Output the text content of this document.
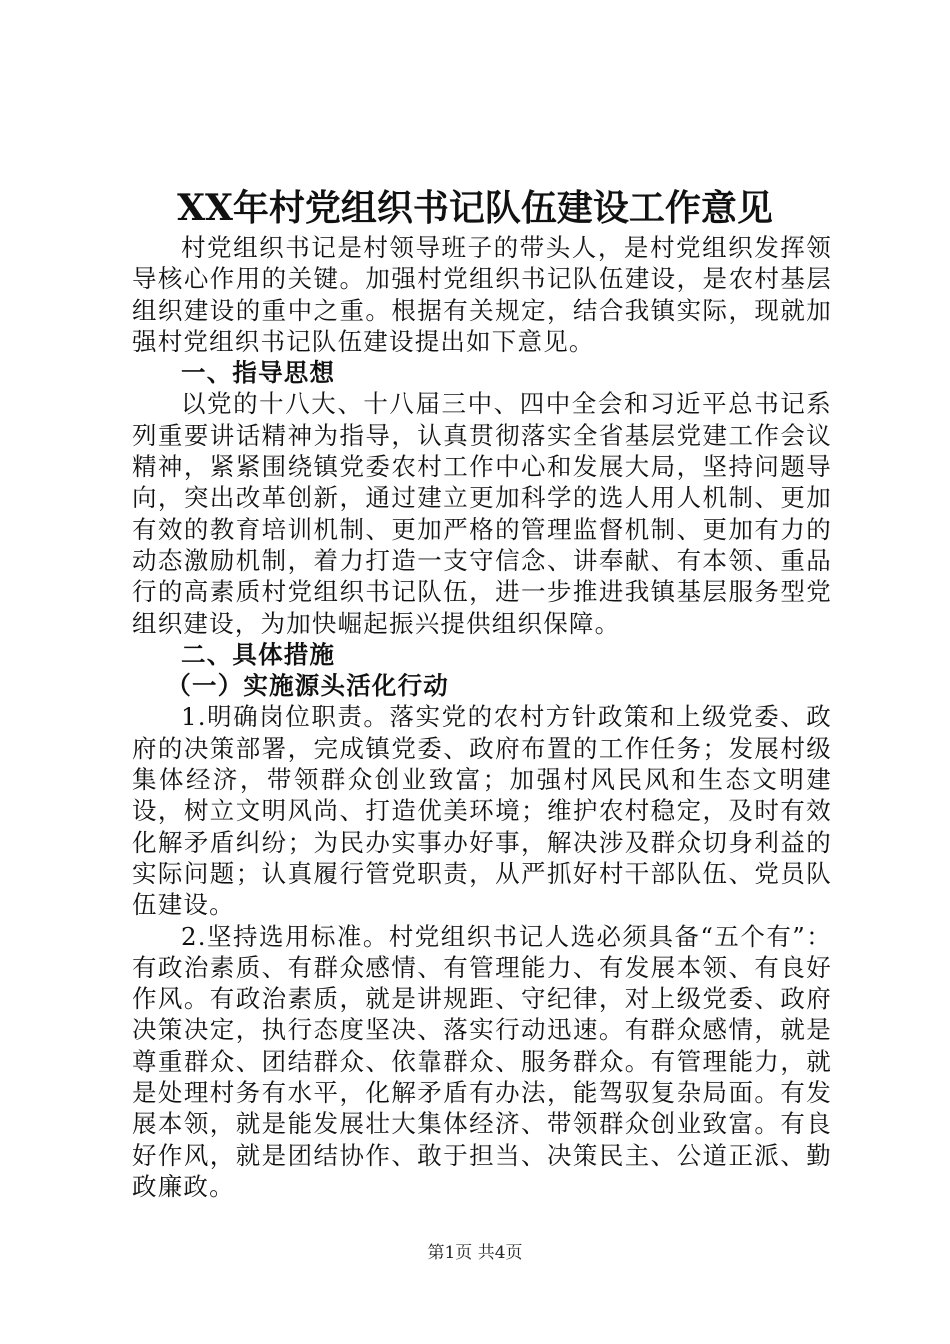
XX年村党组织书记队伍建设工作意见

村党组织书记是村领导班子的带头人，是村党组织发挥领导核心作用的关键。加强村党组织书记队伍建设，是农村基层组织建设的重中之重。根据有关规定，结合我镇实际，现就加强村党组织书记队伍建设提出如下意见。

一、指导思想

以党的十八大、十八届三中、四中全会和习近平总书记系列重要讲话精神为指导，认真贯彻落实全省基层党建工作会议精神，紧紧围绕镇党委农村工作中心和发展大局，坚持问题导向，突出改革创新，通过建立更加科学的选人用人机制、更加有效的教育培训机制、更加严格的管理监督机制、更加有力的动态激励机制，着力打造一支守信念、讲奉献、有本领、重品行的高素质村党组织书记队伍，进一步推进我镇基层服务型党组织建设，为加快崛起振兴提供组织保障。

二、具体措施
（一）实施源头活化行动

1.明确岗位职责。落实党的农村方针政策和上级党委、政府的决策部署，完成镇党委、政府布置的工作任务；发展村级集体经济，带领群众创业致富；加强村风民风和生态文明建设，树立文明风尚、打造优美环境；维护农村稳定，及时有效化解矛盾纠纷；为民办实事办好事，解决涉及群众切身利益的实际问题；认真履行管党职责，从严抓好村干部队伍、党员队伍建设。

2.坚持选用标准。村党组织书记人选必须具备“五个有”：有政治素质、有群众感情、有管理能力、有发展本领、有良好作风。有政治素质，就是讲规距、守纪律，对上级党委、政府决策决定，执行态度坚决、落实行动迅速。有群众感情，就是尊重群众、团结群众、依靠群众、服务群众。有管理能力，就是处理村务有水平，化解矛盾有办法，能驾驭复杂局面。有发展本领，就是能发展壮大集体经济、带领群众创业致富。有良好作风，就是团结协作、敢于担当、决策民主、公道正派、勤政廉政。

第1页 共4页
